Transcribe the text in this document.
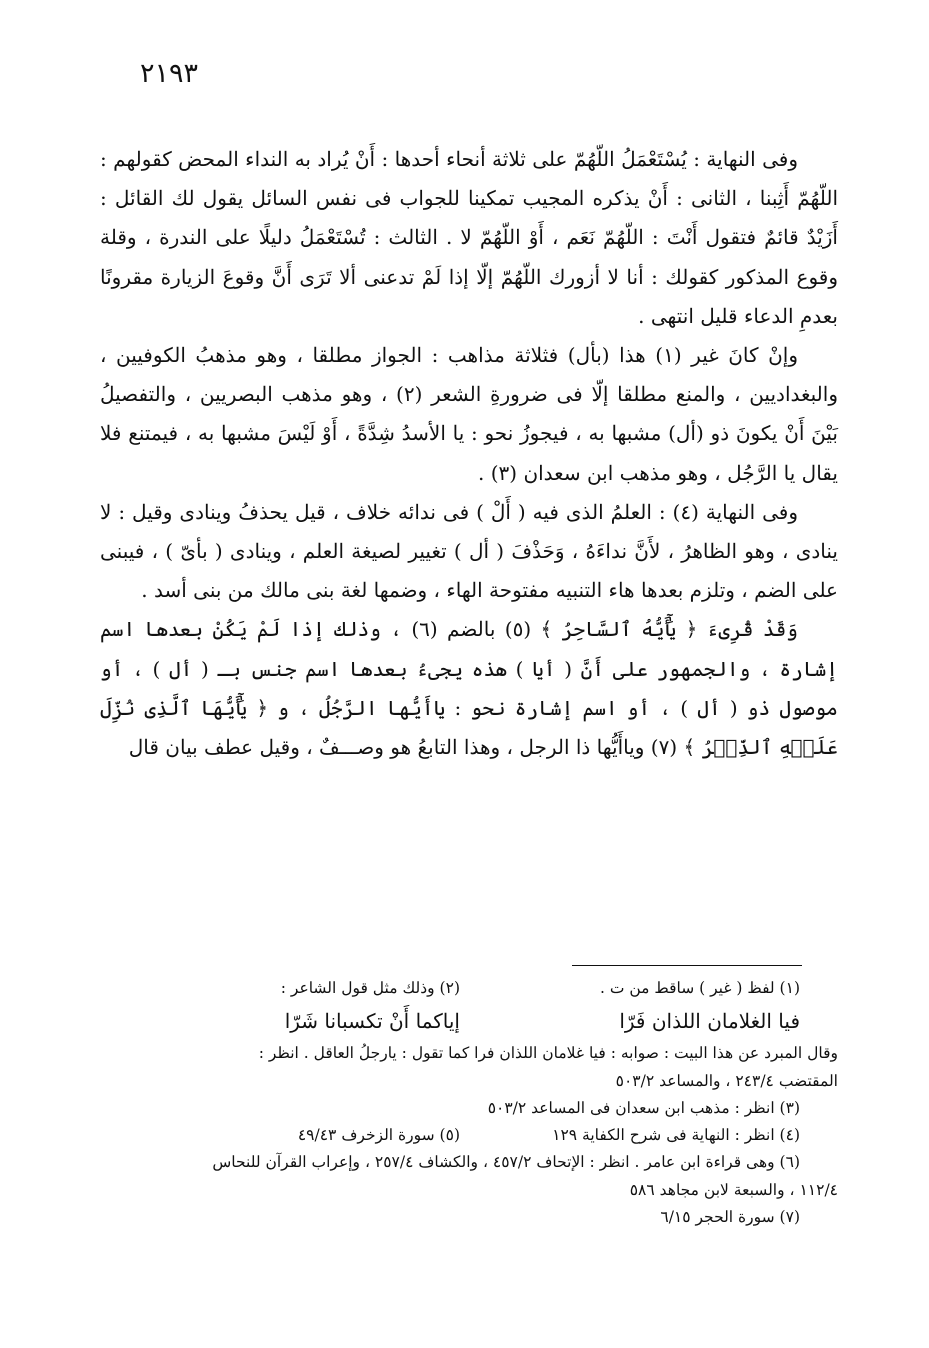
٢١٩٣

وفى النهاية : يُسْتَعْمَلُ اللّهُمّ على ثلاثة أنحاء أحدها : أَنْ يُراد به النداء المحض كقولهم : اللّهُمّ أَثِبنا ، الثانى : أَنْ يذكره المجيب تمكينا للجواب فى نفس السائل يقول لك القائل : أَزَيْدٌ قائمٌ فتقول أَنْتَ : اللّهُمّ نَعَم ، أَوْ اللّهُمّ لا . الثالث : تُسْتَعْمَلُ دليلًا على الندرة ، وقلة وقوع المذكور كقولك : أنا لا أزورك اللّهُمّ إلّا إذا لَمْ تدعنى ألا تَرَى أَنَّ وقوعَ الزيارة مقرونًا بعدمِ الدعاء قليل انتهى .

وإنْ كانَ غير (١) هذا (بأل) فثلاثة مذاهب : الجواز مطلقا ، وهو مذهبُ الكوفيين ، والبغداديين ، والمنع مطلقا إلّا فى ضرورةِ الشعر (٢) ، وهو مذهب البصريين ، والتفصيلُ بَيْنَ أَنْ يكونَ ذو (أل) مشبها به ، فيجوزُ نحو : يا الأسدُ شِدَّةً ، أَوْ لَيْسَ مشبها به ، فيمتنع فلا يقال يا الرَّجُل ، وهو مذهب ابن سعدان (٣) .

وفى النهاية (٤) : العلمُ الذى فيه ( أَلْ ) فى ندائه خلاف ، قيل يحذفُ وينادى وقيل : لا ينادى ، وهو الظاهرُ ، لأَنَّ نداءَهُ ، وَحَذْفَ ( أل ) تغيير لصيغة العلم ، وينادى ( بأىّ ) ، فيبنى على الضم ، وتلزم بعدها هاء التنبيه مفتوحة الهاء ، وضمها لغة بنى مالك من بنى أسد .

وَقَدْ قُرِىءَ ﴿ يَٰٓأَيُّهُ ٱلسَّاحِرُ ﴾ (٥) بالضم (٦) ، وذلك إذا لَمْ يَكُنْ بعدها اسم إشارة ، والجمهور على أَنَّ ( أيا ) هذه يجىءُ بعدها اسم جنس بـ ( أل ) ، أو موصول ذو ( أل ) ، أو اسم إشارة نحو : ياأَيُّها الرَّجُلُ ، و ﴿ يَٰٓأَيُّهَا ٱلَّذِى نُزِّلَ عَلَيۡهِ ٱلذِّكۡرُ ﴾ (٧) وياأَيُّها ذا الرجل ، وهذا التابعُ هو وصـــفٌ ، وقيل عطف بيان قال

(١) لفظ ( غير ) ساقط من ت .
(٢) وذلك مثل قول الشاعر :
فيا الغلامان اللذان فَرّا
إياكما أَنْ تكسبانا شَرّا
وقال المبرد عن هذا البيت : صوابه : فيا غلامان اللذان فرا كما تقول : يارجلُ العاقل . انظر :
المقتضب ٢٤٣/٤ ، والمساعد ٥٠٣/٢
(٣) انظر : مذهب ابن سعدان فى المساعد ٥٠٣/٢
(٤) انظر : النهاية فى شرح الكفاية ١٢٩
(٥) سورة الزخرف ٤٩/٤٣
(٦) وهى قراءة ابن عامر . انظر : الإتحاف ٤٥٧/٢ ، والكشاف ٢٥٧/٤ ، وإعراب القرآن للنحاس
١١٢/٤ ، والسبعة لابن مجاهد ٥٨٦
(٧) سورة الحجر ٦/١٥
